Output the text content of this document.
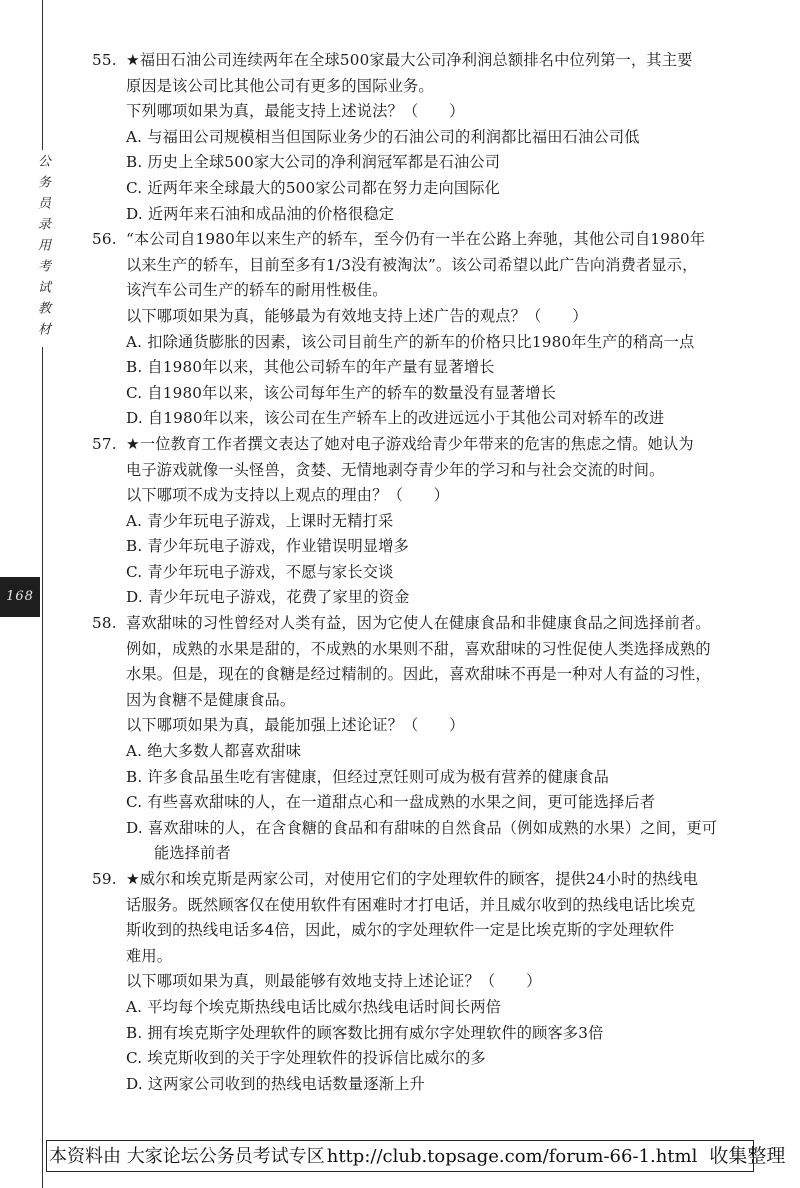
公务员录用考试教材
168
55. ★福田石油公司连续两年在全球500家最大公司净利润总额排名中位列第一，其主要
原因是该公司比其他公司有更多的国际业务。
下列哪项如果为真，最能支持上述说法？（　　）
A. 与福田公司规模相当但国际业务少的石油公司的利润都比福田石油公司低
B. 历史上全球500家大公司的净利润冠军都是石油公司
C. 近两年来全球最大的500家公司都在努力走向国际化
D. 近两年来石油和成品油的价格很稳定
56. “本公司自1980年以来生产的轿车，至今仍有一半在公路上奔驰，其他公司自1980年
以来生产的轿车，目前至多有1/3没有被淘汰”。该公司希望以此广告向消费者显示，
该汽车公司生产的轿车的耐用性极佳。
以下哪项如果为真，能够最为有效地支持上述广告的观点？（　　）
A. 扣除通货膨胀的因素，该公司目前生产的新车的价格只比1980年生产的稍高一点
B. 自1980年以来，其他公司轿车的年产量有显著增长
C. 自1980年以来，该公司每年生产的轿车的数量没有显著增长
D. 自1980年以来，该公司在生产轿车上的改进远远小于其他公司对轿车的改进
57. ★一位教育工作者撰文表达了她对电子游戏给青少年带来的危害的焦虑之情。她认为
电子游戏就像一头怪兽，贪婪、无情地剥夺青少年的学习和与社会交流的时间。
以下哪项不成为支持以上观点的理由？（　　）
A. 青少年玩电子游戏，上课时无精打采
B. 青少年玩电子游戏，作业错误明显增多
C. 青少年玩电子游戏，不愿与家长交谈
D. 青少年玩电子游戏，花费了家里的资金
58. 喜欢甜味的习性曾经对人类有益，因为它使人在健康食品和非健康食品之间选择前者。
例如，成熟的水果是甜的，不成熟的水果则不甜，喜欢甜味的习性促使人类选择成熟的
水果。但是，现在的食糖是经过精制的。因此，喜欢甜味不再是一种对人有益的习性，
因为食糖不是健康食品。
以下哪项如果为真，最能加强上述论证？（　　）
A. 绝大多数人都喜欢甜味
B. 许多食品虽生吃有害健康，但经过烹饪则可成为极有营养的健康食品
C. 有些喜欢甜味的人，在一道甜点心和一盘成熟的水果之间，更可能选择后者
D. 喜欢甜味的人，在含食糖的食品和有甜味的自然食品（例如成熟的水果）之间，更可
能选择前者
59. ★威尔和埃克斯是两家公司，对使用它们的字处理软件的顾客，提供24小时的热线电
话服务。既然顾客仅在使用软件有困难时才打电话，并且威尔收到的热线电话比埃克
斯收到的热线电话多4倍，因此，威尔的字处理软件一定是比埃克斯的字处理软件
难用。
以下哪项如果为真，则最能够有效地支持上述论证？（　　）
A. 平均每个埃克斯热线电话比威尔热线电话时间长两倍
B. 拥有埃克斯字处理软件的顾客数比拥有威尔字处理软件的顾客多3倍
C. 埃克斯收到的关于字处理软件的投诉信比威尔的多
D. 这两家公司收到的热线电话数量逐渐上升
本资料由 大家论坛公务员考试专区 http://club.topsage.com/forum-66-1.html 收集整理
